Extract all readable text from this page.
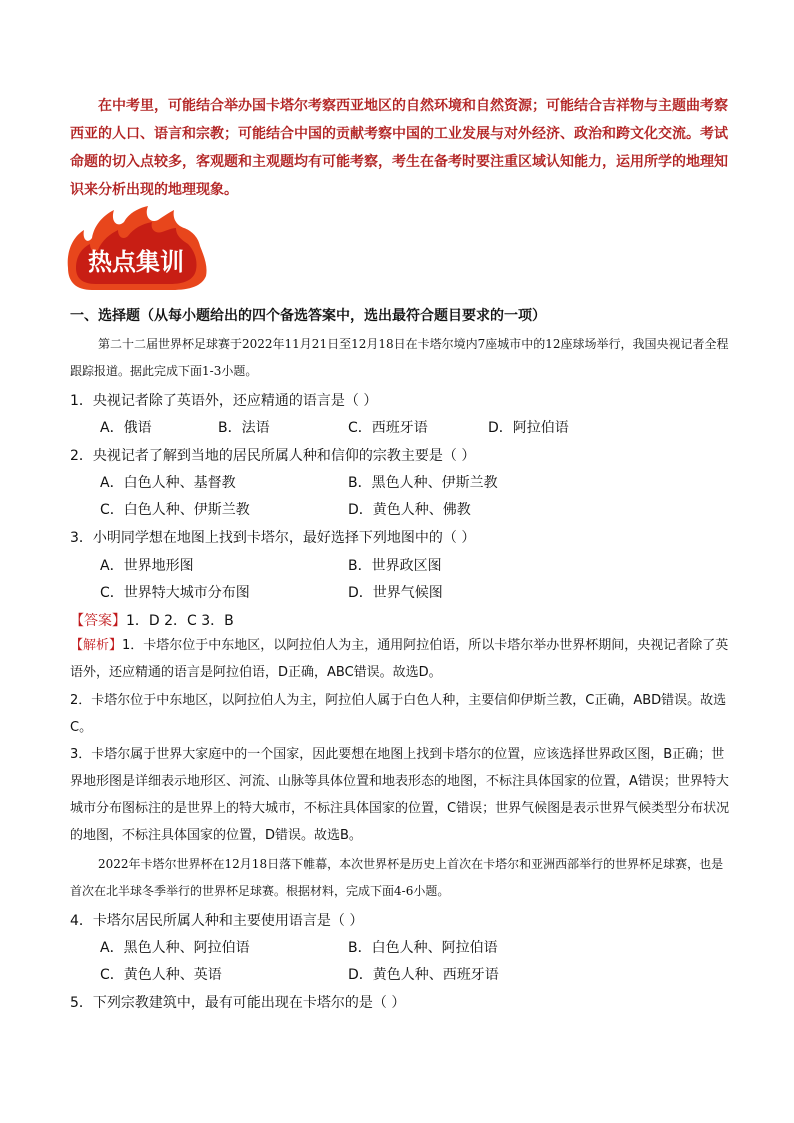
在中考里，可能结合举办国卡塔尔考察西亚地区的自然环境和自然资源；可能结合吉祥物与主题曲考察西亚的人口、语言和宗教；可能结合中国的贡献考察中国的工业发展与对外经济、政治和跨文化交流。考试命题的切入点较多，客观题和主观题均有可能考察，考生在备考时要注重区域认知能力，运用所学的地理知识来分析出现的地理现象。

热点集训

一、选择题（从每小题给出的四个备选答案中，选出最符合题目要求的一项）

第二十二届世界杯足球赛于2022年11月21日至12月18日在卡塔尔境内7座城市中的12座球场举行，我国央视记者全程跟踪报道。据此完成下面1-3小题。

1．央视记者除了英语外，还应精通的语言是（ ）

A．俄语	B．法语	C．西班牙语	D．阿拉伯语

2．央视记者了解到当地的居民所属人种和信仰的宗教主要是（ ）

A．白色人种、基督教	B．黑色人种、伊斯兰教

C．白色人种、伊斯兰教	D．黄色人种、佛教

3．小明同学想在地图上找到卡塔尔，最好选择下列地图中的（ ）

A．世界地形图	B．世界政区图

C．世界特大城市分布图	D．世界气候图

【答案】1．D 2．C 3．B

【解析】1．卡塔尔位于中东地区，以阿拉伯人为主，通用阿拉伯语，所以卡塔尔举办世界杯期间，央视记者除了英语外，还应精通的语言是阿拉伯语，D正确，ABC错误。故选D。

2．卡塔尔位于中东地区，以阿拉伯人为主，阿拉伯人属于白色人种，主要信仰伊斯兰教，C正确，ABD错误。故选C。

3．卡塔尔属于世界大家庭中的一个国家，因此要想在地图上找到卡塔尔的位置，应该选择世界政区图，B正确；世界地形图是详细表示地形区、河流、山脉等具体位置和地表形态的地图，不标注具体国家的位置，A错误；世界特大城市分布图标注的是世界上的特大城市，不标注具体国家的位置，C错误；世界气候图是表示世界气候类型分布状况的地图，不标注具体国家的位置，D错误。故选B。

2022年卡塔尔世界杯在12月18日落下帷幕，本次世界杯是历史上首次在卡塔尔和亚洲西部举行的世界杯足球赛，也是首次在北半球冬季举行的世界杯足球赛。根据材料，完成下面4-6小题。

4．卡塔尔居民所属人种和主要使用语言是（ ）

A．黑色人种、阿拉伯语	B．白色人种、阿拉伯语

C．黄色人种、英语	D．黄色人种、西班牙语

5．下列宗教建筑中，最有可能出现在卡塔尔的是（ ）
